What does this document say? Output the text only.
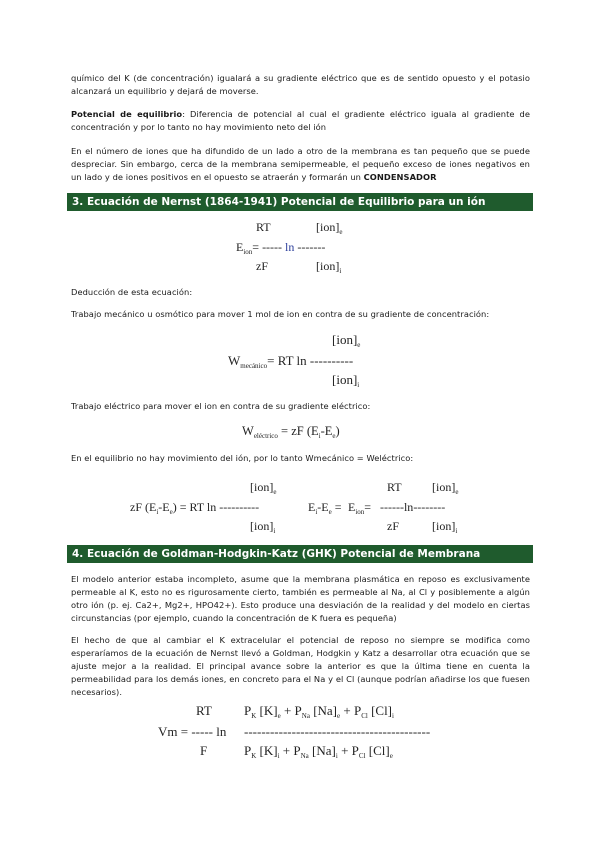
químico del K (de concentración) igualará a su gradiente eléctrico que es de sentido opuesto y el potasio alcanzará un equilibrio y dejará de moverse.
Potencial de equilibrio: Diferencia de potencial al cual el gradiente eléctrico iguala al gradiente de concentración y por lo tanto no hay movimiento neto del ión
En el número de iones que ha difundido de un lado a otro de la membrana es tan pequeño que se puede despreciar. Sin embargo, cerca de la membrana semipermeable, el pequeño exceso de iones negativos en un lado y de iones positivos en el opuesto se atraerán y formarán un CONDENSADOR
3. Ecuación de Nernst (1864-1941) Potencial de Equilibrio para un ión
RT	$[ion]_e$
$E_{ion}=$ ----- ln -------
zF	$[ion]_i$
Deducción de esta ecuación:
Trabajo mecánico u osmótico para mover 1 mol de ion en contra de su gradiente de concentración:
$[ion]_e$
$W_{mecánico}=$ RT ln ----------
$[ion]_i$
Trabajo eléctrico para mover el ion en contra de su gradiente eléctrico:
$W_{eléctrico}$ = zF $(E_i-E_e)$
En el equilibrio no hay movimiento del ión, por lo tanto Wmecánico = Weléctrico:
$[ion]_e$	RT	$[ion]_e$
zF $(E_i-E_e)$ = RT ln ----------	$E_i-E_e = E_{ion}= ------\ln--------$
$[ion]_i$	zF	$[ion]_i$
4. Ecuación de Goldman-Hodgkin-Katz (GHK) Potencial de Membrana
El modelo anterior estaba incompleto, asume que la membrana plasmática en reposo es exclusivamente permeable al K, esto no es rigurosamente cierto, también es permeable al Na, al Cl y posiblemente a algún otro ión (p. ej. Ca2+, Mg2+, HPO42+). Esto produce una desviación de la realidad y del modelo en ciertas circunstancias (por ejemplo, cuando la concentración de K fuera es pequeña)
El hecho de que al cambiar el K extracelular el potencial de reposo no siempre se modifica como esperaríamos de la ecuación de Nernst llevó a Goldman, Hodgkin y Katz a desarrollar otra ecuación que se ajuste mejor a la realidad. El principal avance sobre la anterior es que la última tiene en cuenta la permeabilidad para los demás iones, en concreto para el Na y el Cl (aunque podrían añadirse los que fuesen necesarios).
RT $P_K$ $[K]_e + P_{Na}$ $[Na]_e + P_{Cl}$ $[Cl]_i$
Vm = ----- ln -------------------------------------------
F	$P_K$ $[K]_i + P_{Na}$ $[Na]_i + P_{Cl}$ $[Cl]_e$
